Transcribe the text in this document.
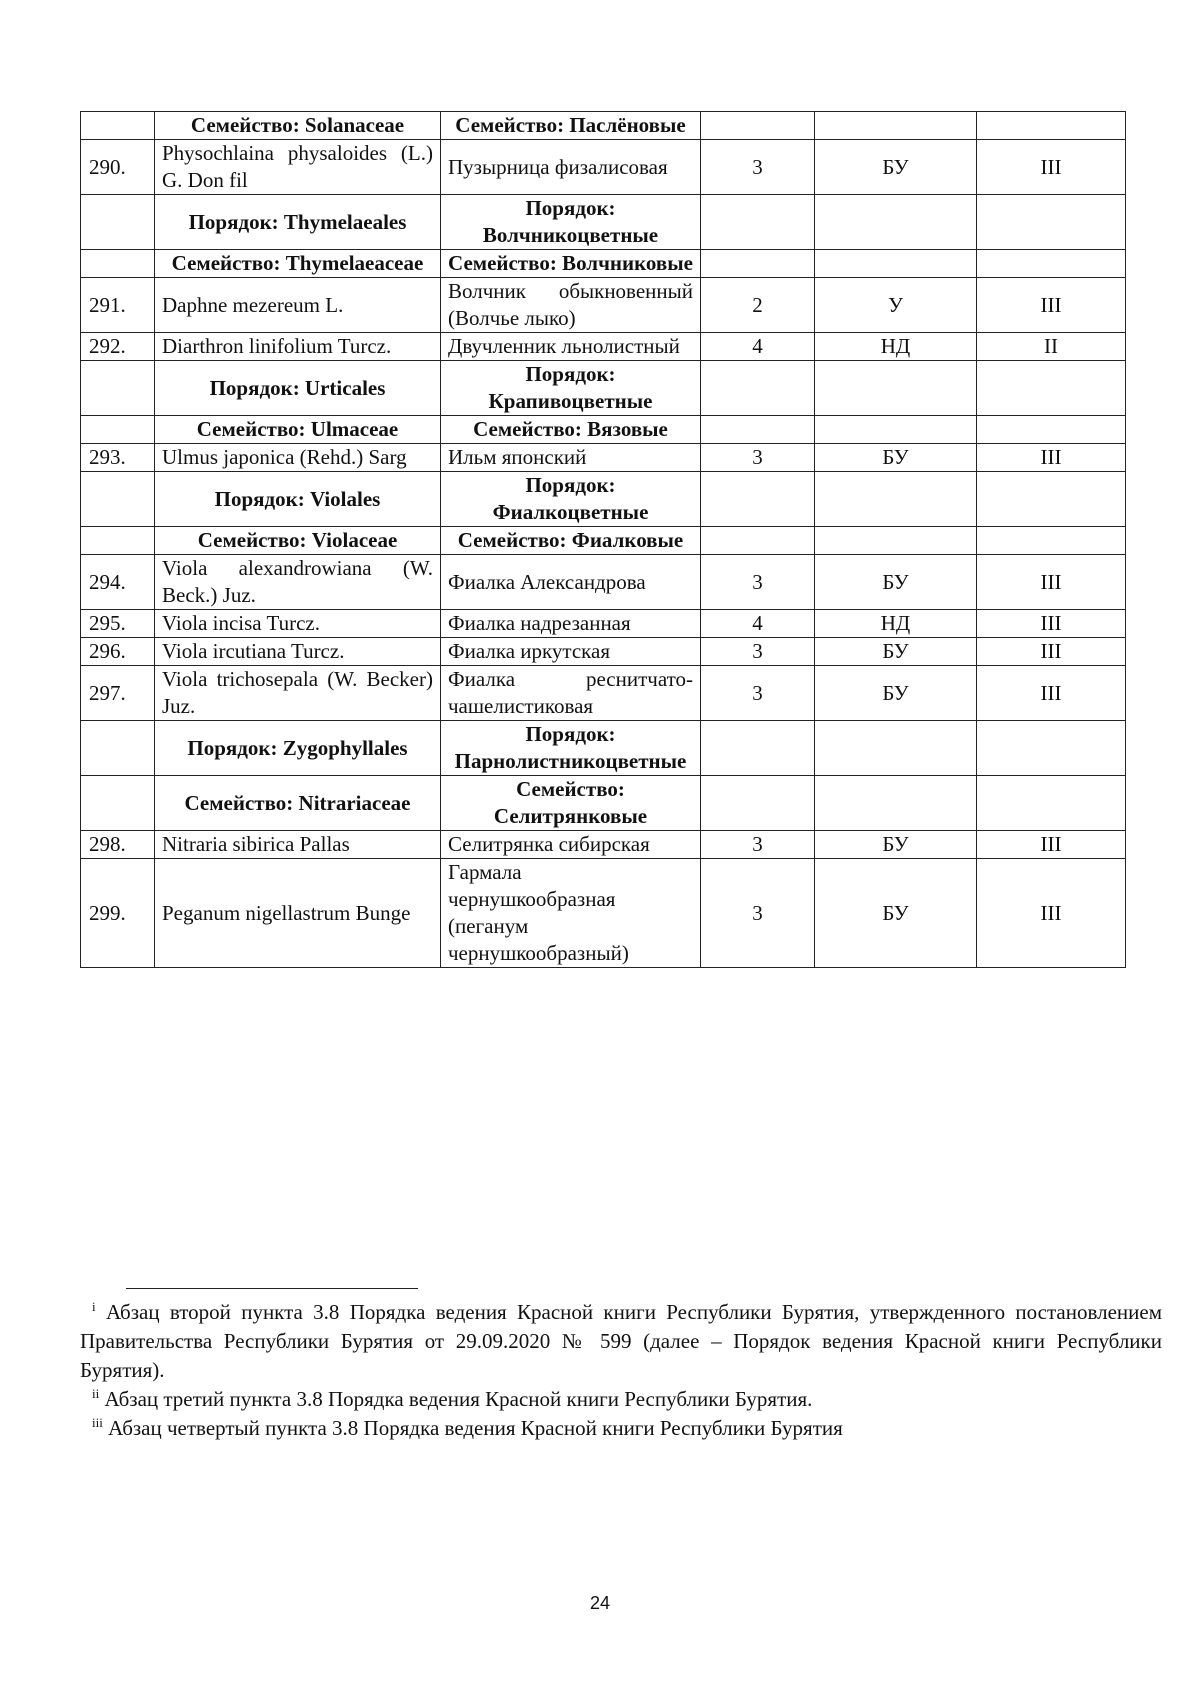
	Семейство: Solanaceae	Семейство: Паслёновые			
290.	Physochlaina physaloides (L.) G. Don fil	Пузырница физалисовая	3	БУ	III
	Порядок: Thymelaeales	Порядок: Волчникоцветные			
	Семейство: Thymelaeaceae	Семейство: Волчниковые			
291.	Daphne mezereum L.	Волчник обыкновенный (Волчье лыко)	2	У	III
292.	Diarthron linifolium Turcz.	Двучленник льнолистный	4	НД	II
	Порядок: Urticales	Порядок: Крапивоцветные			
	Семейство: Ulmaceae	Семейство: Вязовые			
293.	Ulmus japonica (Rehd.) Sarg	Ильм японский	3	БУ	III
	Порядок: Violales	Порядок: Фиалкоцветные			
	Семейство: Violaceae	Семейство: Фиалковые			
294.	Viola alexandrowiana (W. Beck.) Juz.	Фиалка Александрова	3	БУ	III
295.	Viola incisa Turcz.	Фиалка надрезанная	4	НД	III
296.	Viola ircutiana Turcz.	Фиалка иркутская	3	БУ	III
297.	Viola trichosepala (W. Becker) Juz.	Фиалка реснитчато-чашелистиковая	3	БУ	III
	Порядок: Zygophyllales	Порядок: Парнолистникоцветные			
	Семейство: Nitrariaceae	Семейство: Селитрянковые			
298.	Nitraria sibirica Pallas	Селитрянка сибирская	3	БУ	III
299.	Peganum nigellastrum Bunge	Гармала чернушкообразная (пеганум чернушкообразный)	3	БУ	III
$^i$ Абзац второй пункта 3.8 Порядка ведения Красной книги Республики Бурятия, утвержденного постановлением Правительства Республики Бурятия от 29.09.2020 № 599 (далее – Порядок ведения Красной книги Республики Бурятия).
$^{ii}$ Абзац третий пункта 3.8 Порядка ведения Красной книги Республики Бурятия.
$^{iii}$ Абзац четвертый пункта 3.8 Порядка ведения Красной книги Республики Бурятия
24
